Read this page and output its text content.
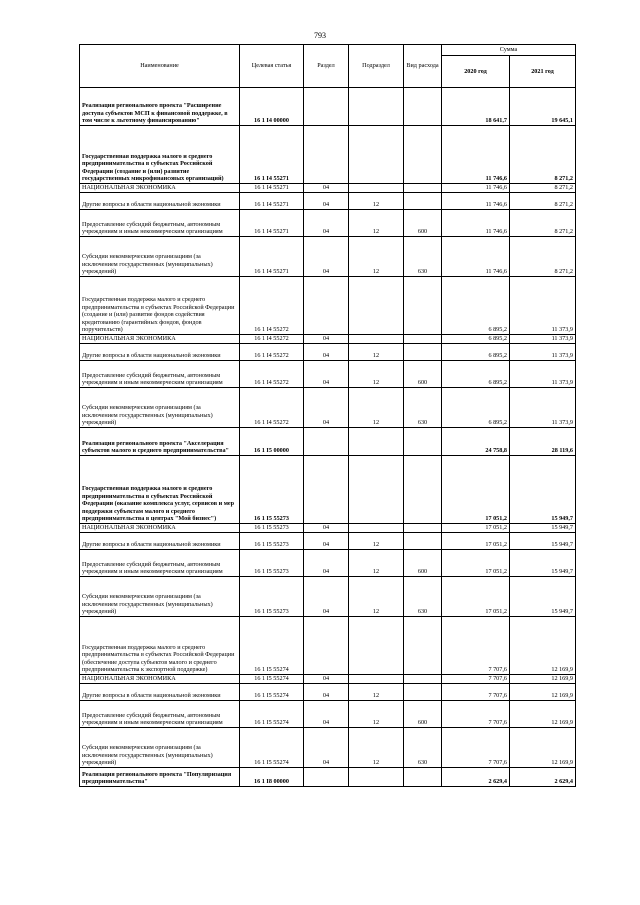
793
Наименование	Целевая статья	Раздел	Подраздел	Вид расхода	Сумма	
					2020 год	2021 год
Реализация регионального проекта "Расширение доступа субъектов МСП к финансовой поддержке, в том числе к льготному финансированию"	16 1 I4 00000				18 641,7	19 645,1
Государственная поддержка малого и среднего предпринимательства в субъектах Российской Федерации (создание и (или) развитие государственных микрофинансовых организаций)	16 1 I4 55271				11 746,6	8 271,2
НАЦИОНАЛЬНАЯ ЭКОНОМИКА	16 1 I4 55271	04			11 746,6	8 271,2
Другие вопросы в области национальной экономики	16 1 I4 55271	04	12		11 746,6	8 271,2
Предоставление субсидий бюджетным, автономным учреждениям и иным некоммерческим организациям	16 1 I4 55271	04	12	600	11 746,6	8 271,2
Субсидии некоммерческим организациям (за исключением государственных (муниципальных) учреждений)	16 1 I4 55271	04	12	630	11 746,6	8 271,2
Государственная поддержка малого и среднего предпринимательства в субъектах Российской Федерации (создание и (или) развитие фондов содействия кредитованию (гарантийных фондов, фондов поручительств)	16 1 I4 55272				6 895,2	11 373,9
НАЦИОНАЛЬНАЯ ЭКОНОМИКА	16 1 I4 55272	04			6 895,2	11 373,9
Другие вопросы в области национальной экономики	16 1 I4 55272	04	12		6 895,2	11 373,9
Предоставление субсидий бюджетным, автономным учреждениям и иным некоммерческим организациям	16 1 I4 55272	04	12	600	6 895,2	11 373,9
Субсидии некоммерческим организациям (за исключением государственных (муниципальных) учреждений)	16 1 I4 55272	04	12	630	6 895,2	11 373,9
Реализация регионального проекта "Акселерация субъектов малого и среднего предпринимательства"	16 1 I5 00000				24 758,8	28 119,6
Государственная поддержка малого и среднего предпринимательства в субъектах Российской Федерации (оказание комплекса услуг, сервисов и мер поддержки субъектам малого и среднего предпринимательства в центрах "Мой бизнес")	16 1 I5 55273				17 051,2	15 949,7
НАЦИОНАЛЬНАЯ ЭКОНОМИКА	16 1 I5 55273	04			17 051,2	15 949,7
Другие вопросы в области национальной экономики	16 1 I5 55273	04	12		17 051,2	15 949,7
Предоставление субсидий бюджетным, автономным учреждениям и иным некоммерческим организациям	16 1 I5 55273	04	12	600	17 051,2	15 949,7
Субсидии некоммерческим организациям (за исключением государственных (муниципальных) учреждений)	16 1 I5 55273	04	12	630	17 051,2	15 949,7
Государственная поддержка малого и среднего предпринимательства в субъектах Российской Федерации (обеспечение доступа субъектов малого и среднего предпринимательства к экспортной поддержке)	16 1 I5 55274				7 707,6	12 169,9
НАЦИОНАЛЬНАЯ ЭКОНОМИКА	16 1 I5 55274	04			7 707,6	12 169,9
Другие вопросы в области национальной экономики	16 1 I5 55274	04	12		7 707,6	12 169,9
Предоставление субсидий бюджетным, автономным учреждениям и иным некоммерческим организациям	16 1 I5 55274	04	12	600	7 707,6	12 169,9
Субсидии некоммерческим организациям (за исключением государственных (муниципальных) учреждений)	16 1 I5 55274	04	12	630	7 707,6	12 169,9
Реализация регионального проекта "Популяризация предпринимательства"	16 1 I8 00000				2 629,4	2 629,4
